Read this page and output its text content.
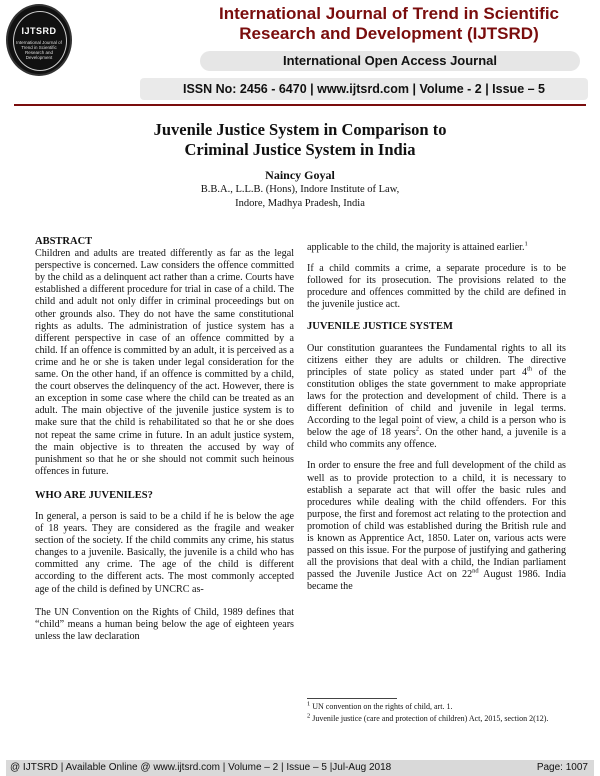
IJTSRD
International Journal of Trend in Scientific Research and Development
International Journal of Trend in Scientific
Research and Development (IJTSRD)
International Open Access Journal
ISSN No: 2456 - 6470 | www.ijtsrd.com | Volume - 2 | Issue – 5
Juvenile Justice System in Comparison to
Criminal Justice System in India
Naincy Goyal
B.B.A., L.L.B. (Hons), Indore Institute of Law,
Indore, Madhya Pradesh, India
ABSTRACT

Children and adults are treated differently as far as the legal perspective is concerned. Law considers the offence committed by the child as a delinquent act rather than a crime. Courts have established a different procedure for trial in case of a child. The child and adult not only differ in criminal proceedings but on other grounds also. They do not have the same constitutional rights as adults. The administration of justice system has a different perspective in case of an offence committed by a child. If an offence is committed by an adult, it is perceived as a crime and he or she is taken under legal consideration for the same. On the other hand, if an offence is committed by a child, the court observes the delinquency of the act. However, there is an exception in some case where the child can be treated as an adult. The main objective of the juvenile justice system is to make sure that the child is rehabilitated so that he or she does not repeat the same crime in future. In an adult justice system, the main objective is to threaten the accused by way of punishment so that he or she should not commit such heinous offences in future.

WHO ARE JUVENILES?

In general, a person is said to be a child if he is below the age of 18 years. They are considered as the fragile and weaker section of the society. If the child commits any crime, his status changes to a juvenile. Basically, the juvenile is a child who has committed any crime. The age of the child is different according to the different acts. The most commonly accepted age of the child is defined by UNCRC as-

The UN Convention on the Rights of Child, 1989 defines that “child” means a human being below the age of eighteen years unless the law declaration

applicable to the child, the majority is attained earlier.$^1$

If a child commits a crime, a separate procedure is to be followed for its prosecution. The provisions related to the procedure and offences committed by the child are defined in the juvenile justice act.

JUVENILE JUSTICE SYSTEM

Our constitution guarantees the Fundamental rights to all its citizens either they are adults or children. The directive principles of state policy as stated under part 4th of the constitution obliges the state government to make appropriate laws for the protection and development of child. There is a different definition of child and juvenile in legal terms. According to the legal point of view, a child is a person who is below the age of 18 years$^2$. On the other hand, a juvenile is a child who commits any offence.

In order to ensure the free and full development of the child as well as to provide protection to a child, it is necessary to establish a separate act that will offer the basic rules and procedures while dealing with the child offenders. For this purpose, the first and foremost act relating to the protection and promotion of child was established during the British rule and is known as Apprentice Act, 1850. Later on, various acts were passed on this issue. For the purpose of justifying and gathering all the provisions that deal with a child, the Indian parliament passed the Juvenile Justice Act on 22nd August 1986. India became the

$^1$ UN convention on the rights of child, art. 1.
$^2$ Juvenile justice (care and protection of children) Act, 2015, section 2(12).
@ IJTSRD | Available Online @ www.ijtsrd.com | Volume – 2 | Issue – 5 |Jul-Aug 2018	Page: 1007
